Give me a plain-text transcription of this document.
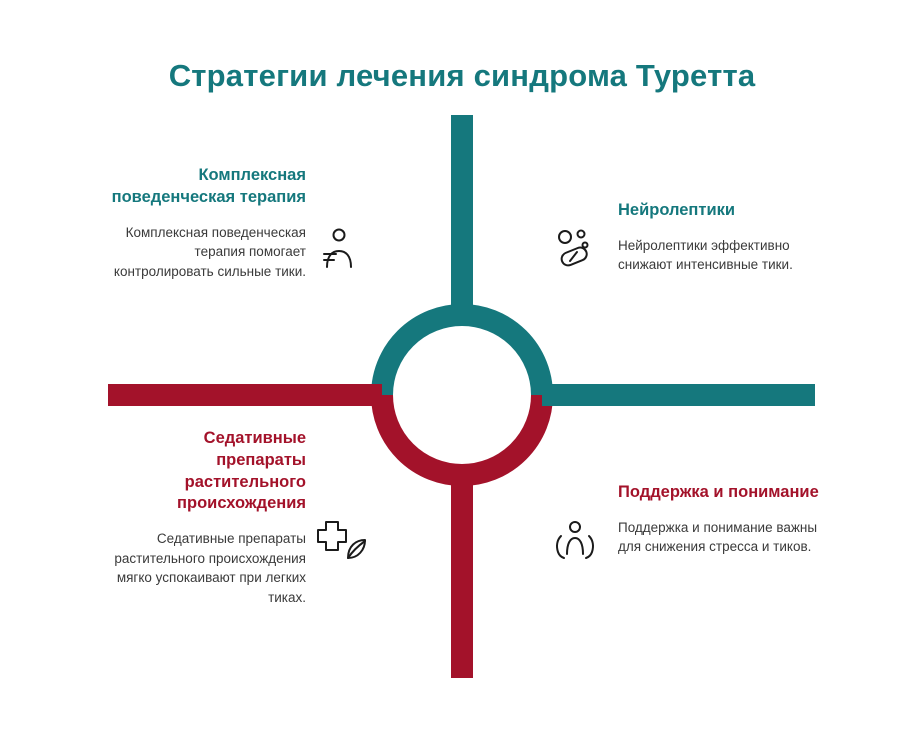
Стратегии лечения синдрома Туретта
Комплексная поведенческая терапия
Комплексная поведенческая терапия помогает контролировать сильные тики.
Нейролептики
Нейролептики эффективно снижают интенсивные тики.
Седативные препараты растительного происхождения
Седативные препараты растительного происхождения мягко успокаивают при легких тиках.
Поддержка и понимание
Поддержка и понимание важны для снижения стресса и тиков.
